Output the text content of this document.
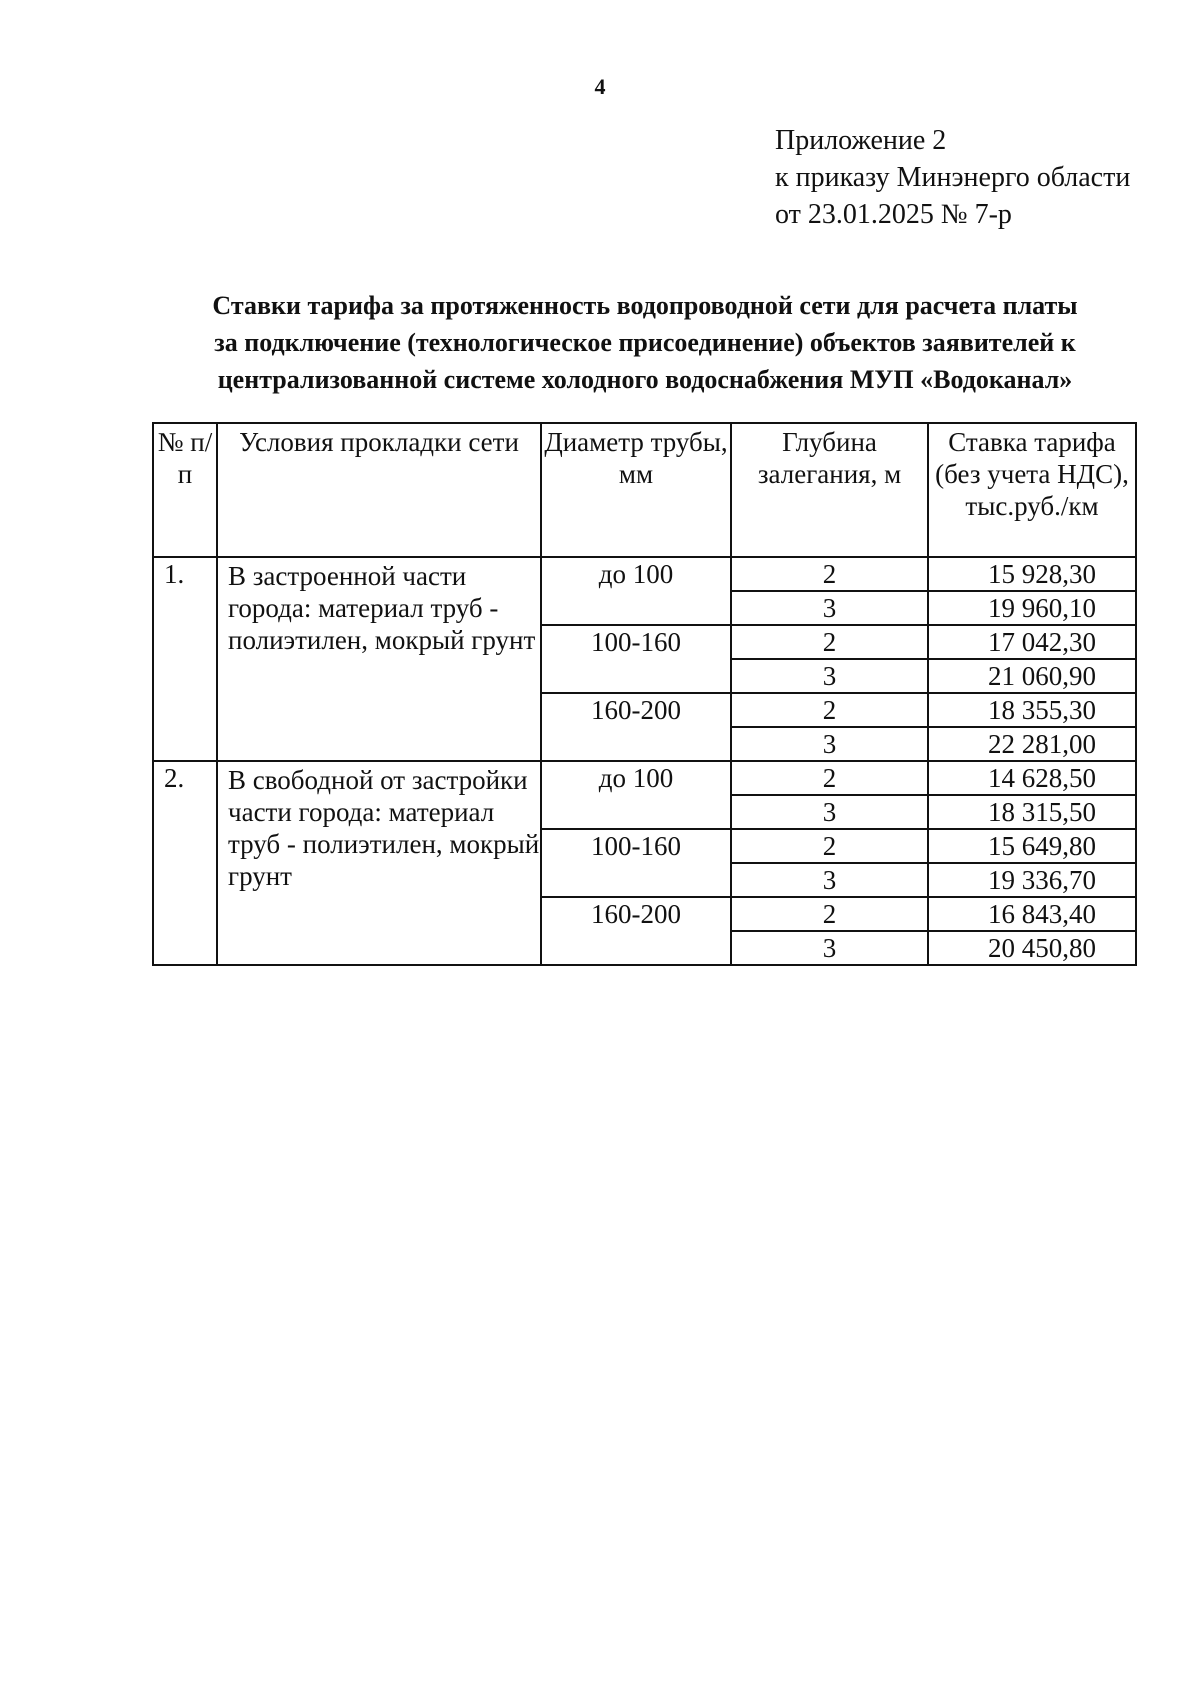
4
Приложение 2
к приказу Минэнерго области
от 23.01.2025 № 7-р
Ставки тарифа за протяженность водопроводной сети для расчета платы
за подключение (технологическое присоединение) объектов заявителей к
централизованной системе холодного водоснабжения МУП «Водоканал»
№ п/п	Условия прокладки сети	Диаметр трубы, мм	Глубина залегания, м	Ставка тарифа (без учета НДС), тыс.руб./км
1.	В застроенной части города: материал труб - полиэтилен, мокрый грунт	до 100	2	15 928,30
			3	19 960,10
		100-160	2	17 042,30
			3	21 060,90
		160-200	2	18 355,30
			3	22 281,00
2.	В свободной от застройки части города: материал труб - полиэтилен, мокрый грунт	до 100	2	14 628,50
			3	18 315,50
		100-160	2	15 649,80
			3	19 336,70
		160-200	2	16 843,40
			3	20 450,80
